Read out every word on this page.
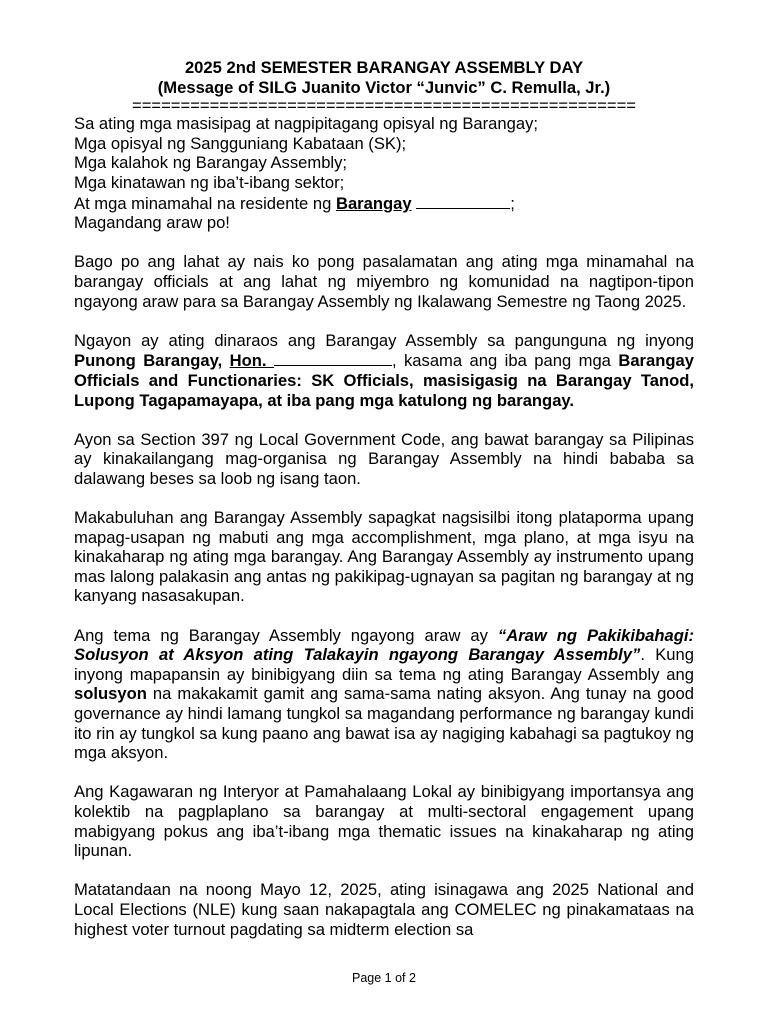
2025 2nd SEMESTER BARANGAY ASSEMBLY DAY
(Message of SILG Juanito Victor “Junvic” C. Remulla, Jr.)
====================================================
Sa ating mga masisipag at nagpipitagang opisyal ng Barangay;
Mga opisyal ng Sangguniang Kabataan (SK);
Mga kalahok ng Barangay Assembly;
Mga kinatawan ng iba’t-ibang sektor;
At mga minamahal na residente ng Barangay	;
Magandang araw po!

Bago po ang lahat ay nais ko pong pasalamatan ang ating mga minamahal na barangay officials at ang lahat ng miyembro ng komunidad na nagtipon-tipon ngayong araw para sa Barangay Assembly ng Ikalawang Semestre ng Taong 2025.

Ngayon ay ating dinaraos ang Barangay Assembly sa pangunguna ng inyong Punong Barangay, Hon.	, kasama ang iba pang mga Barangay Officials and Functionaries: SK Officials, masisigasig na Barangay Tanod, Lupong Tagapamayapa, at iba pang mga katulong ng barangay.

Ayon sa Section 397 ng Local Government Code, ang bawat barangay sa Pilipinas ay kinakailangang mag-organisa ng Barangay Assembly na hindi bababa sa dalawang beses sa loob ng isang taon.

Makabuluhan ang Barangay Assembly sapagkat nagsisilbi itong plataporma upang mapag-usapan ng mabuti ang mga accomplishment, mga plano, at mga isyu na kinakaharap ng ating mga barangay. Ang Barangay Assembly ay instrumento upang mas lalong palakasin ang antas ng pakikipag-ugnayan sa pagitan ng barangay at ng kanyang nasasakupan.

Ang tema ng Barangay Assembly ngayong araw ay “Araw ng Pakikibahagi: Solusyon at Aksyon ating Talakayin ngayong Barangay Assembly”. Kung inyong mapapansin ay binibigyang diin sa tema ng ating Barangay Assembly ang solusyon na makakamit gamit ang sama-sama nating aksyon. Ang tunay na good governance ay hindi lamang tungkol sa magandang performance ng barangay kundi ito rin ay tungkol sa kung paano ang bawat isa ay nagiging kabahagi sa pagtukoy ng mga aksyon.

Ang Kagawaran ng Interyor at Pamahalaang Lokal ay binibigyang importansya ang kolektib na pagplaplano sa barangay at multi-sectoral engagement upang mabigyang pokus ang iba’t-ibang mga thematic issues na kinakaharap ng ating lipunan.

Matatandaan na noong Mayo 12, 2025, ating isinagawa ang 2025 National and Local Elections (NLE) kung saan nakapagtala ang COMELEC ng pinakamataas na highest voter turnout pagdating sa midterm election sa

Page 1 of 2
